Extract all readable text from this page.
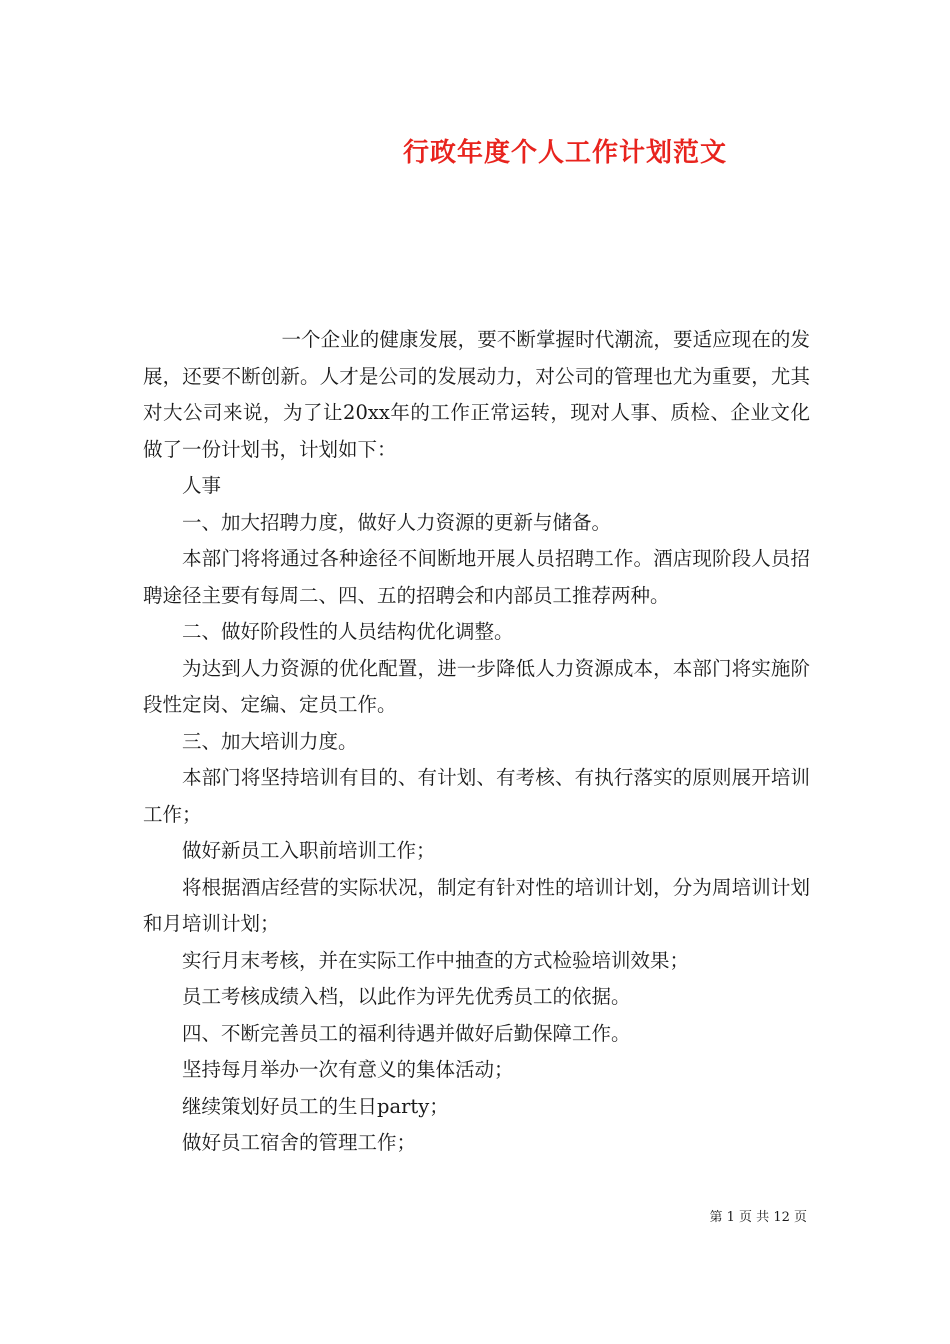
行政年度个人工作计划范文

一个企业的健康发展，要不断掌握时代潮流，要适应现在的发展，还要不断创新。人才是公司的发展动力，对公司的管理也尤为重要，尤其对大公司来说，为了让20xx年的工作正常运转，现对人事、质检、企业文化做了一份计划书，计划如下：

人事

一、加大招聘力度，做好人力资源的更新与储备。

本部门将将通过各种途径不间断地开展人员招聘工作。酒店现阶段人员招聘途径主要有每周二、四、五的招聘会和内部员工推荐两种。

二、做好阶段性的人员结构优化调整。

为达到人力资源的优化配置，进一步降低人力资源成本，本部门将实施阶段性定岗、定编、定员工作。

三、加大培训力度。

本部门将坚持培训有目的、有计划、有考核、有执行落实的原则展开培训工作；

做好新员工入职前培训工作；

将根据酒店经营的实际状况，制定有针对性的培训计划，分为周培训计划和月培训计划；

实行月末考核，并在实际工作中抽查的方式检验培训效果；

员工考核成绩入档，以此作为评先优秀员工的依据。

四、不断完善员工的福利待遇并做好后勤保障工作。

坚持每月举办一次有意义的集体活动；

继续策划好员工的生日party；

做好员工宿舍的管理工作；

第 1 页 共 12 页
